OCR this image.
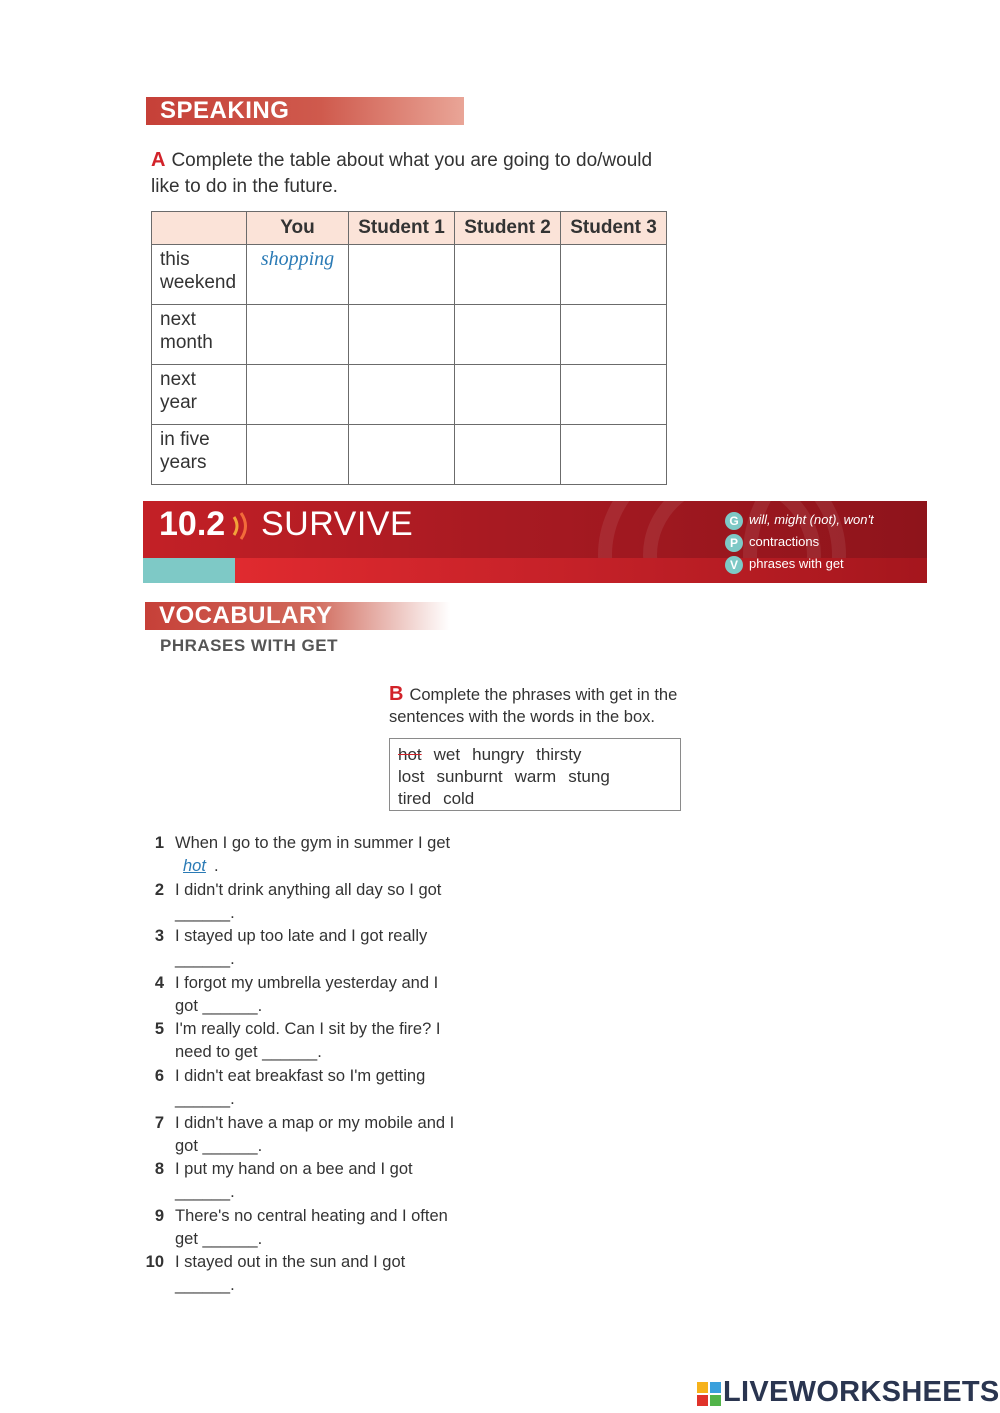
SPEAKING
A Complete the table about what you are going to do/would like to do in the future.
	You	Student 1	Student 2	Student 3
this weekend	shopping			
next month				
next year				
in five years				
10.2 SURVIVE	G will, might (not), won't
P contractions
V phrases with get
VOCABULARY
PHRASES WITH GET
B Complete the phrases with get in the sentences with the words in the box.
hot wet hungry thirsty
lost sunburnt warm stung
tired cold
1 When I go to the gym in summer I get hot .
2 I didn't drink anything all day so I got ______.
3 I stayed up too late and I got really ______.
4 I forgot my umbrella yesterday and I got ______.
5 I'm really cold. Can I sit by the fire? I need to get ______.
6 I didn't eat breakfast so I'm getting ______.
7 I didn't have a map or my mobile and I got ______.
8 I put my hand on a bee and I got ______.
9 There's no central heating and I often get ______.
10 I stayed out in the sun and I got ______.
LIVEWORKSHEETS
